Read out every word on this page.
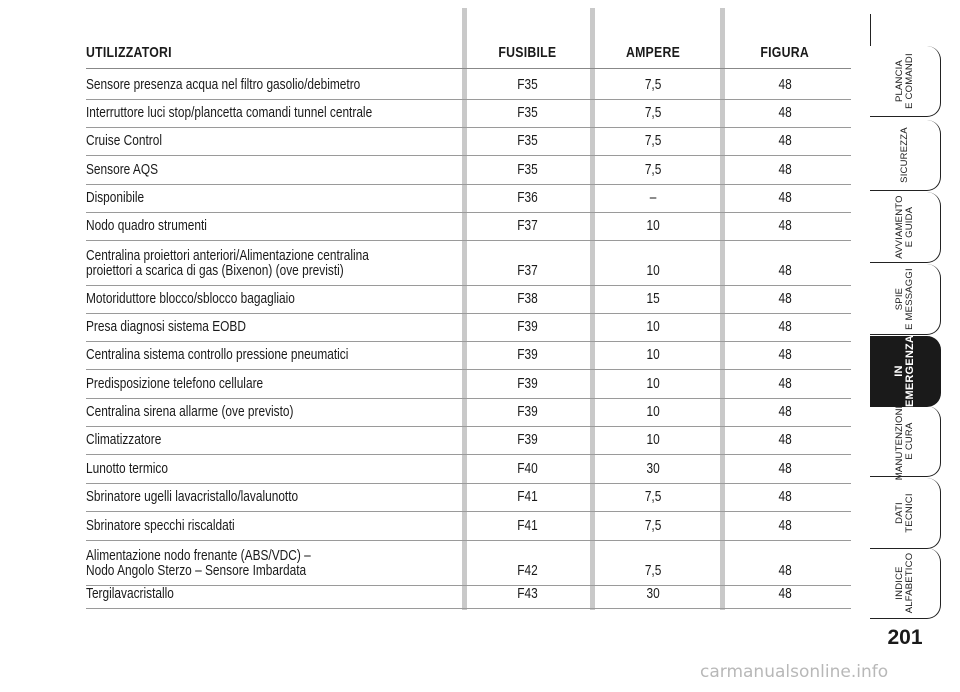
UTILIZZATORI	FUSIBILE	AMPERE	FIGURA
Sensore presenza acqua nel filtro gasolio/debimetro	F35	7,5	48
Interruttore luci stop/plancetta comandi tunnel centrale	F35	7,5	48
Cruise Control	F35	7,5	48
Sensore AQS	F35	7,5	48
Disponibile	F36	–	48
Nodo quadro strumenti	F37	10	48
Centralina proiettori anteriori/Alimentazione centralina
proiettori a scarica di gas (Bixenon) (ove previsti)	F37	10	48
Motoriduttore blocco/sblocco bagagliaio	F38	15	48
Presa diagnosi sistema EOBD	F39	10	48
Centralina sistema controllo pressione pneumatici	F39	10	48
Predisposizione telefono cellulare	F39	10	48
Centralina sirena allarme (ove previsto)	F39	10	48
Climatizzatore	F39	10	48
Lunotto termico	F40	30	48
Sbrinatore ugelli lavacristallo/lavalunotto	F41	7,5	48
Sbrinatore specchi riscaldati	F41	7,5	48
Alimentazione nodo frenante (ABS/VDC) –
Nodo Angolo Sterzo – Sensore Imbardata	F42	7,5	48
Tergilavacristallo	F43	30	48
PLANCIA E COMANDI
SICUREZZA
AVVIAMENTO E GUIDA
SPIE E MESSAGGI
IN EMERGENZA
MANUTENZIONE E CURA
DATI TECNICI
INDICE ALFABETICO
201
carmanualsonline.info
